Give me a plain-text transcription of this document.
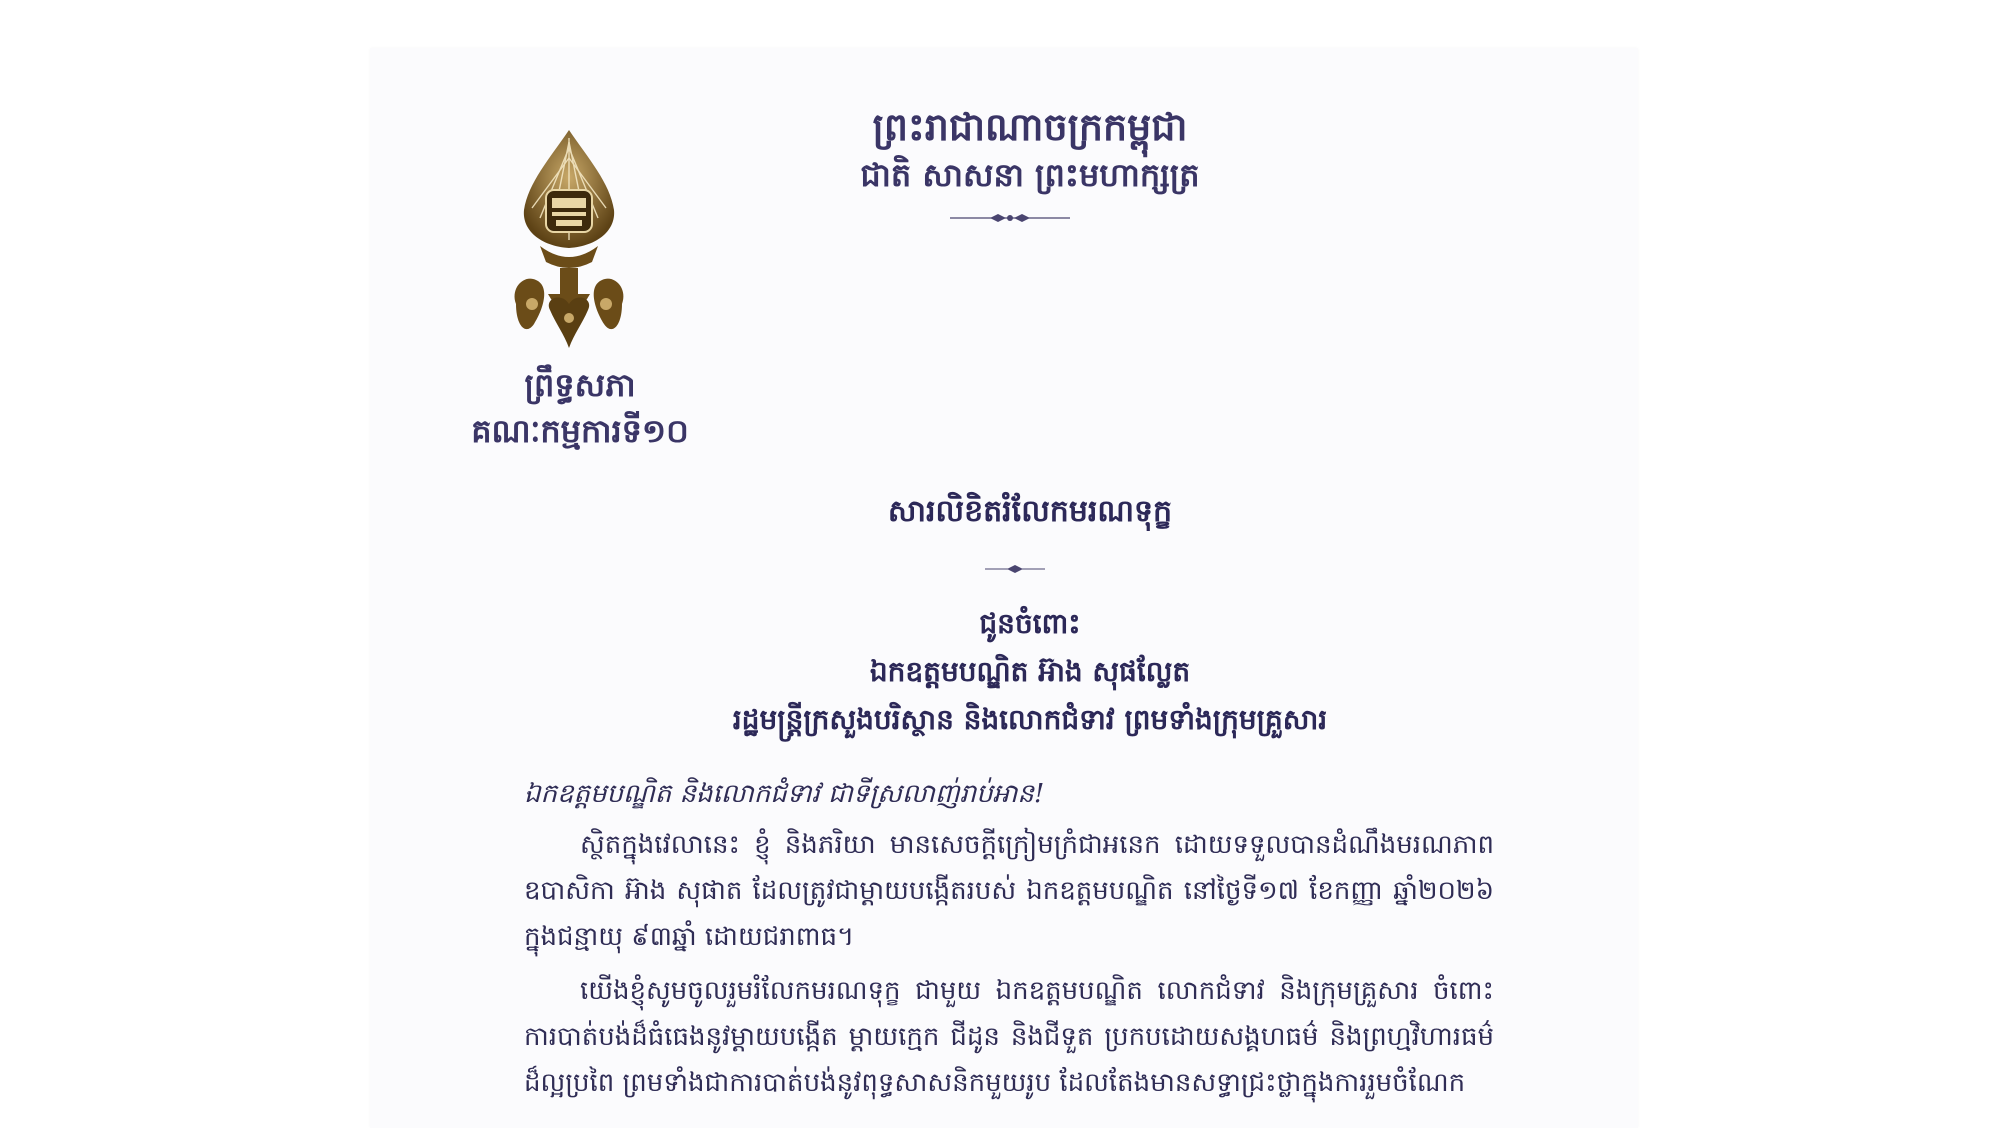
ព្រឹទ្ធសភា
គណៈកម្មការទី១០
ព្រះរាជាណាចក្រកម្ពុជា
ជាតិ សាសនា ព្រះមហាក្សត្រ
សារលិខិតរំលែកមរណទុក្ខ
ជូនចំពោះ
ឯកឧត្តមបណ្ឌិត អ៊ាង សុផល្លែត
រដ្ឋមន្ត្រីក្រសួងបរិស្ថាន និងលោកជំទាវ ព្រមទាំងក្រុមគ្រួសារ

ឯកឧត្តមបណ្ឌិត និងលោកជំទាវ ជាទីស្រលាញ់រាប់អាន!

ស្ថិតក្នុងវេលានេះ ខ្ញុំ និងភរិយា មានសេចក្តីក្រៀមក្រំជាអនេក ដោយទទួលបានដំណឹងមរណភាព ឧបាសិកា អ៊ាង សុផាត ដែលត្រូវជាម្តាយបង្កើតរបស់ ឯកឧត្តមបណ្ឌិត នៅថ្ងៃទី១៧ ខែកញ្ញា ឆ្នាំ២០២៦ ក្នុងជន្មាយុ ៩៣ឆ្នាំ ដោយជរាពាធ។

យើងខ្ញុំសូមចូលរួមរំលែកមរណទុក្ខ ជាមួយ ឯកឧត្តមបណ្ឌិត លោកជំទាវ និងក្រុមគ្រួសារ ចំពោះ ការបាត់បង់ដ៏ធំធេងនូវម្តាយបង្កើត ម្តាយក្មេក ជីដូន និងជីទួត ប្រកបដោយសង្គហធម៌ និងព្រហ្មវិហារធម៌ ដ៏ល្អប្រពៃ ព្រមទាំងជាការបាត់បង់នូវពុទ្ធសាសនិកមួយរូប ដែលតែងមានសទ្ធាជ្រះថ្លាក្នុងការរួមចំណែក
